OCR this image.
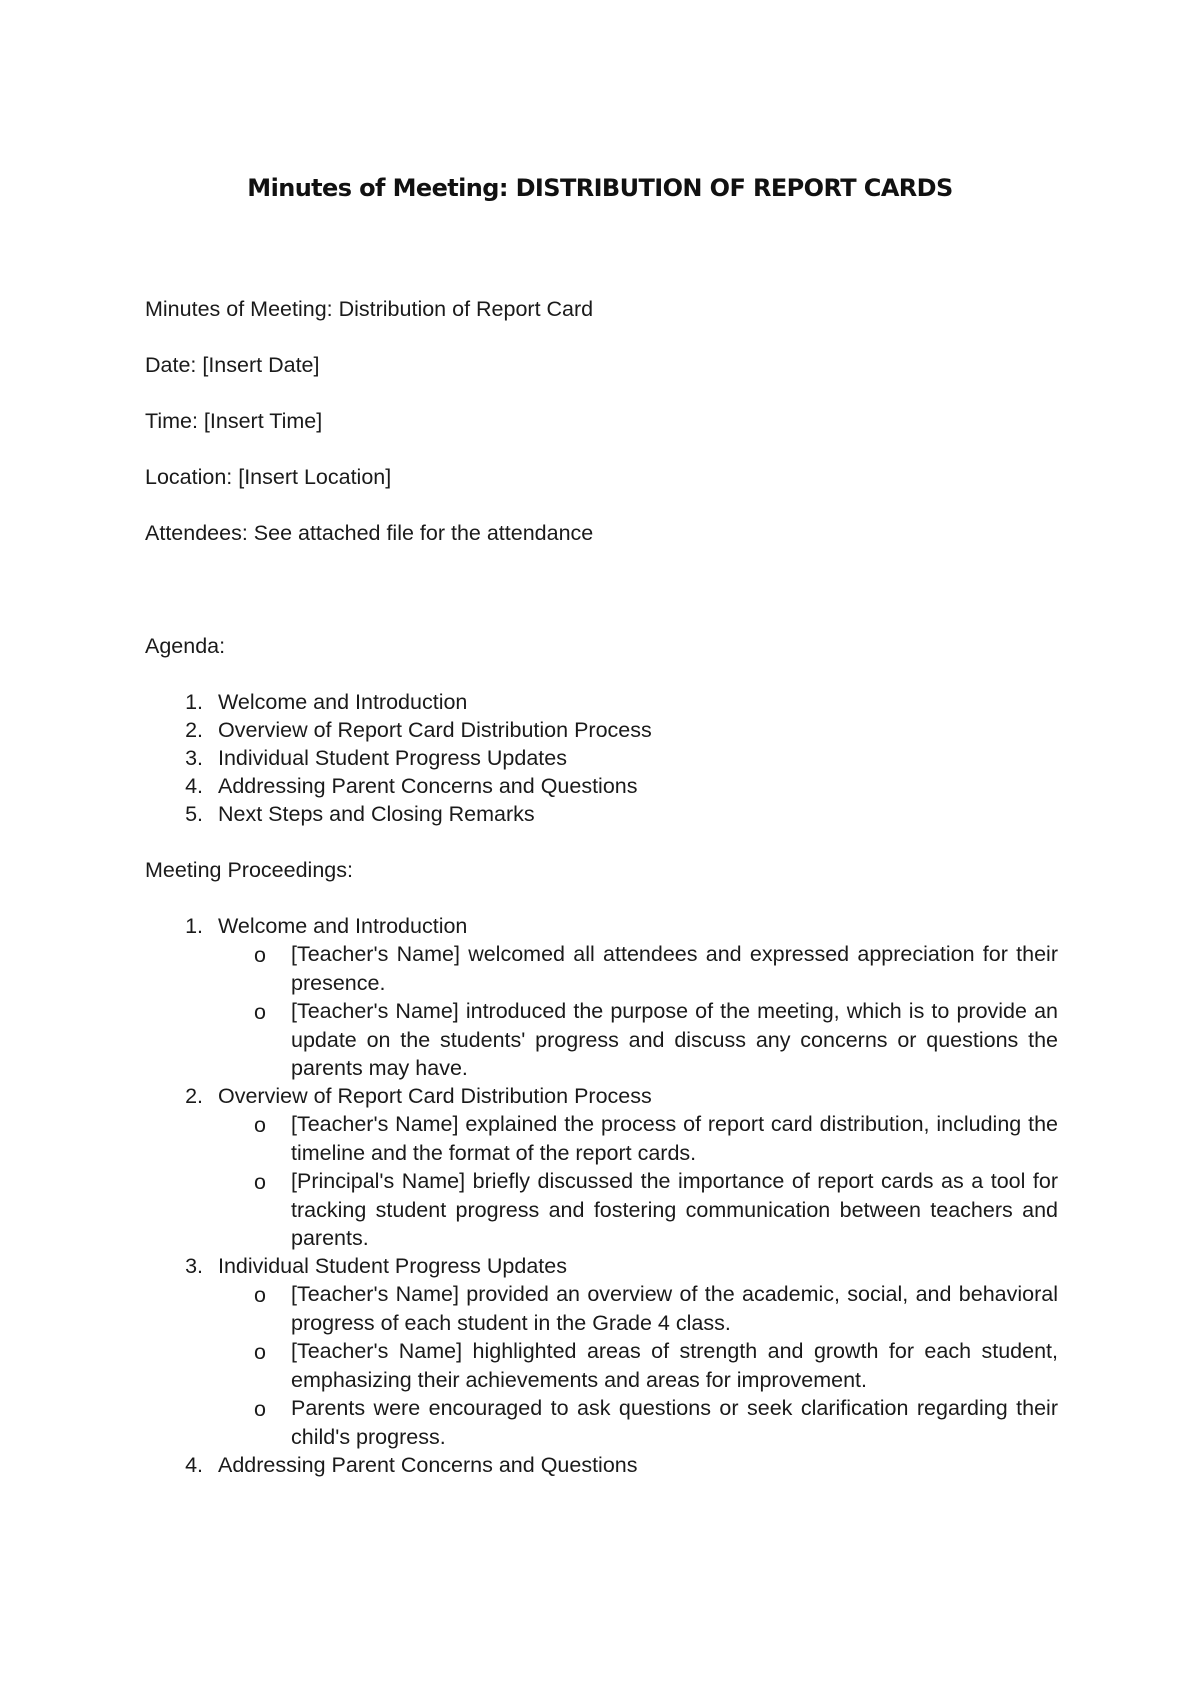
Minutes of Meeting: DISTRIBUTION OF REPORT CARDS
Minutes of Meeting: Distribution of Report Card
Date: [Insert Date]
Time: [Insert Time]
Location: [Insert Location]
Attendees: See attached file for the attendance
Agenda:
1. Welcome and Introduction
2. Overview of Report Card Distribution Process
3. Individual Student Progress Updates
4. Addressing Parent Concerns and Questions
5. Next Steps and Closing Remarks
Meeting Proceedings:
1. Welcome and Introduction
o [Teacher's Name] welcomed all attendees and expressed appreciation for their presence.
o [Teacher's Name] introduced the purpose of the meeting, which is to provide an update on the students' progress and discuss any concerns or questions the parents may have.
2. Overview of Report Card Distribution Process
o [Teacher's Name] explained the process of report card distribution, including the timeline and the format of the report cards.
o [Principal's Name] briefly discussed the importance of report cards as a tool for tracking student progress and fostering communication between teachers and parents.
3. Individual Student Progress Updates
o [Teacher's Name] provided an overview of the academic, social, and behavioral progress of each student in the Grade 4 class.
o [Teacher's Name] highlighted areas of strength and growth for each student, emphasizing their achievements and areas for improvement.
o Parents were encouraged to ask questions or seek clarification regarding their child's progress.
4. Addressing Parent Concerns and Questions
